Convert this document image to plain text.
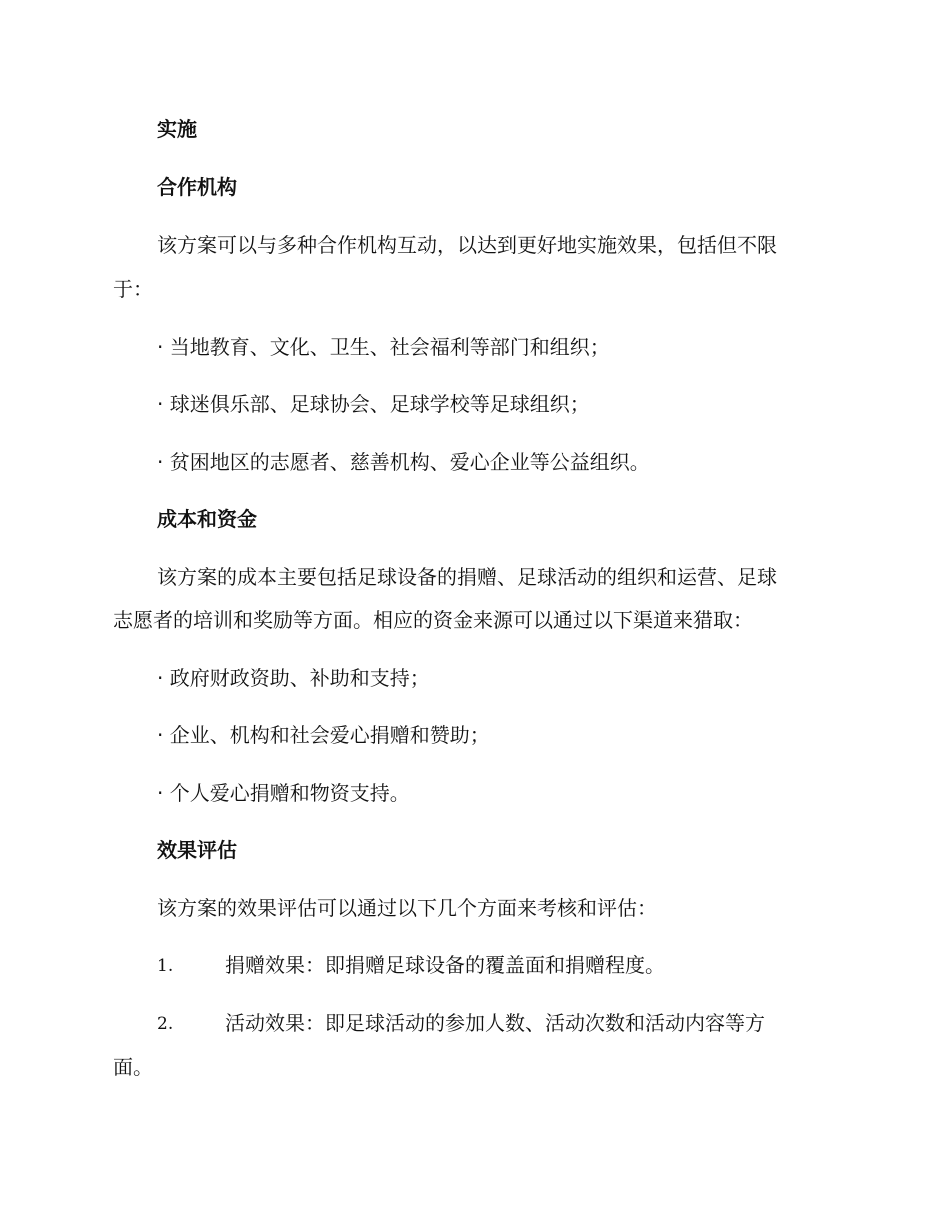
实施
合作机构
该方案可以与多种合作机构互动，以达到更好地实施效果，包括但不限
于：
· 当地教育、文化、卫生、社会福利等部门和组织；
· 球迷俱乐部、足球协会、足球学校等足球组织；
· 贫困地区的志愿者、慈善机构、爱心企业等公益组织。
成本和资金
该方案的成本主要包括足球设备的捐赠、足球活动的组织和运营、足球
志愿者的培训和奖励等方面。相应的资金来源可以通过以下渠道来猎取：
· 政府财政资助、补助和支持；
· 企业、机构和社会爱心捐赠和赞助；
· 个人爱心捐赠和物资支持。
效果评估
该方案的效果评估可以通过以下几个方面来考核和评估：
1.	捐赠效果：即捐赠足球设备的覆盖面和捐赠程度。
2.	活动效果：即足球活动的参加人数、活动次数和活动内容等方
面。
